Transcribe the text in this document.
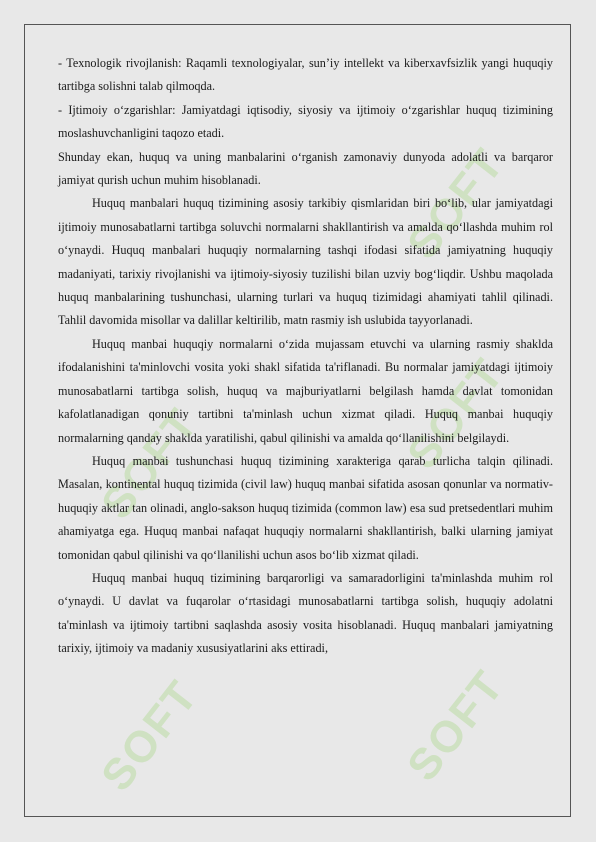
SOFT
SOFT	SOFT
SOFT	SOFT

- Texnologik rivojlanish: Raqamli texnologiyalar, sun’iy intellekt va kiberxavfsizlik yangi huquqiy tartibga solishni talab qilmoqda.

- Ijtimoiy o‘zgarishlar: Jamiyatdagi iqtisodiy, siyosiy va ijtimoiy o‘zgarishlar huquq tizimining moslashuvchanligini taqozo etadi.

Shunday ekan, huquq va uning manbalarini o‘rganish zamonaviy dunyoda adolatli va barqaror jamiyat qurish uchun muhim hisoblanadi.

Huquq manbalari huquq tizimining asosiy tarkibiy qismlaridan biri bo‘lib, ular jamiyatdagi ijtimoiy munosabatlarni tartibga soluvchi normalarni shakllantirish va amalda qo‘llashda muhim rol o‘ynaydi. Huquq manbalari huquqiy normalarning tashqi ifodasi sifatida jamiyatning huquqiy madaniyati, tarixiy rivojlanishi va ijtimoiy-siyosiy tuzilishi bilan uzviy bog‘liqdir. Ushbu maqolada huquq manbalarining tushunchasi, ularning turlari va huquq tizimidagi ahamiyati tahlil qilinadi. Tahlil davomida misollar va dalillar keltirilib, matn rasmiy ish uslubida tayyorlanadi.

Huquq manbai huquqiy normalarni o‘zida mujassam etuvchi va ularning rasmiy shaklda ifodalanishini ta'minlovchi vosita yoki shakl sifatida ta'riflanadi. Bu normalar jamiyatdagi ijtimoiy munosabatlarni tartibga solish, huquq va majburiyatlarni belgilash hamda davlat tomonidan kafolatlanadigan qonuniy tartibni ta'minlash uchun xizmat qiladi. Huquq manbai huquqiy normalarning qanday shaklda yaratilishi, qabul qilinishi va amalda qo‘llanilishini belgilaydi.

Huquq manbai tushunchasi huquq tizimining xarakteriga qarab turlicha talqin qilinadi. Masalan, kontinental huquq tizimida (civil law) huquq manbai sifatida asosan qonunlar va normativ-huquqiy aktlar tan olinadi, anglo-sakson huquq tizimida (common law) esa sud pretsedentlari muhim ahamiyatga ega. Huquq manbai nafaqat huquqiy normalarni shakllantirish, balki ularning jamiyat tomonidan qabul qilinishi va qo‘llanilishi uchun asos bo‘lib xizmat qiladi.

Huquq manbai huquq tizimining barqarorligi va samaradorligini ta'minlashda muhim rol o‘ynaydi. U davlat va fuqarolar o‘rtasidagi munosabatlarni tartibga solish, huquqiy adolatni ta'minlash va ijtimoiy tartibni saqlashda asosiy vosita hisoblanadi. Huquq manbalari jamiyatning tarixiy, ijtimoiy va madaniy xususiyatlarini aks ettiradi,
